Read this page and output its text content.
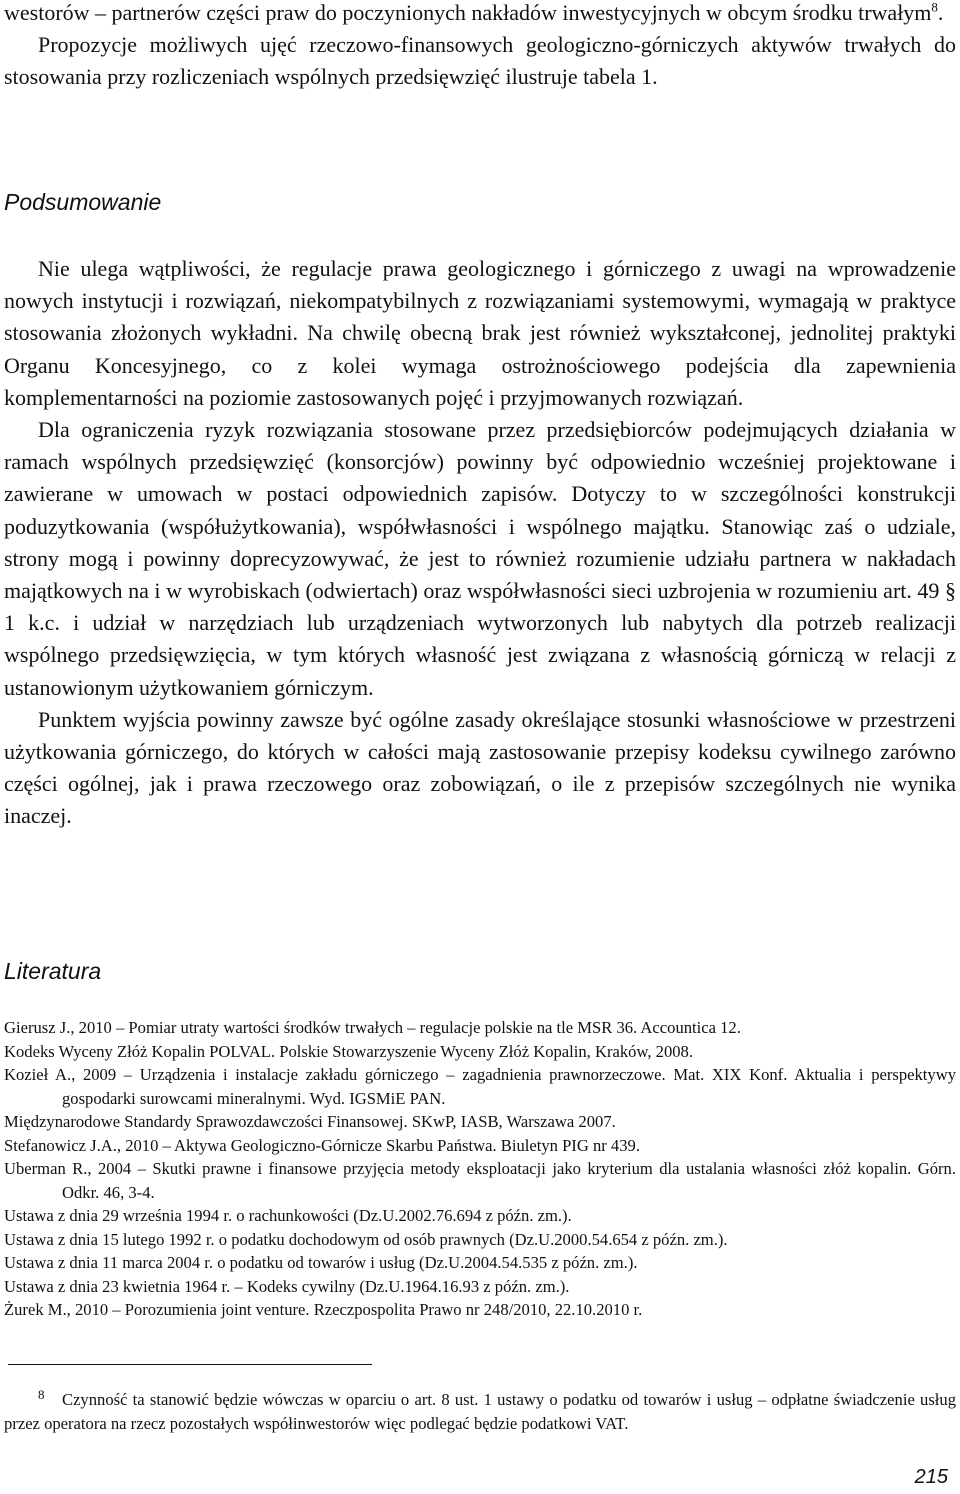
westorów – partnerów części praw do poczynionych nakładów inwestycyjnych w obcym środku trwałym$^8$.

Propozycje możliwych ujęć rzeczowo-finansowych geologiczno-górniczych aktywów trwałych do stosowania przy rozliczeniach wspólnych przedsięwzięć ilustruje tabela 1.

Podsumowanie

Nie ulega wątpliwości, że regulacje prawa geologicznego i górniczego z uwagi na wprowadzenie nowych instytucji i rozwiązań, niekompatybilnych z rozwiązaniami systemowymi, wymagają w praktyce stosowania złożonych wykładni. Na chwilę obecną brak jest również wykształconej, jednolitej praktyki Organu Koncesyjnego, co z kolei wymaga ostrożnościowego podejścia dla zapewnienia komplementarności na poziomie zastosowanych pojęć i przyjmowanych rozwiązań.

Dla ograniczenia ryzyk rozwiązania stosowane przez przedsiębiorców podejmujących działania w ramach wspólnych przedsięwzięć (konsorcjów) powinny być odpowiednio wcześniej projektowane i zawierane w umowach w postaci odpowiednich zapisów. Dotyczy to w szczególności konstrukcji poduzytkowania (współużytkowania), współwłasności i wspólnego majątku. Stanowiąc zaś o udziale, strony mogą i powinny doprecyzowywać, że jest to również rozumienie udziału partnera w nakładach majątkowych na i w wyrobiskach (odwiertach) oraz współwłasności sieci uzbrojenia w rozumieniu art. 49 § 1 k.c. i udział w narzędziach lub urządzeniach wytworzonych lub nabytych dla potrzeb realizacji wspólnego przedsięwzięcia, w tym których własność jest związana z własnością górniczą w relacji z ustanowionym użytkowaniem górniczym.

Punktem wyjścia powinny zawsze być ogólne zasady określające stosunki własnościowe w przestrzeni użytkowania górniczego, do których w całości mają zastosowanie przepisy kodeksu cywilnego zarówno części ogólnej, jak i prawa rzeczowego oraz zobowiązań, o ile z przepisów szczególnych nie wynika inaczej.

Literatura
Gierusz J., 2010 – Pomiar utraty wartości środków trwałych – regulacje polskie na tle MSR 36. Accountica 12.
Kodeks Wyceny Złóż Kopalin POLVAL. Polskie Stowarzyszenie Wyceny Złóż Kopalin, Kraków, 2008.
Kozieł A., 2009 – Urządzenia i instalacje zakładu górniczego – zagadnienia prawnorzeczowe. Mat. XIX Konf. Aktualia i perspektywy gospodarki surowcami mineralnymi. Wyd. IGSMiE PAN.
Międzynarodowe Standardy Sprawozdawczości Finansowej. SKwP, IASB, Warszawa 2007.
Stefanowicz J.A., 2010 – Aktywa Geologiczno-Górnicze Skarbu Państwa. Biuletyn PIG nr 439.
Uberman R., 2004 – Skutki prawne i finansowe przyjęcia metody eksploatacji jako kryterium dla ustalania własności złóż kopalin. Górn. Odkr. 46, 3-4.
Ustawa z dnia 29 września 1994 r. o rachunkowości (Dz.U.2002.76.694 z późn. zm.).
Ustawa z dnia 15 lutego 1992 r. o podatku dochodowym od osób prawnych (Dz.U.2000.54.654 z późn. zm.).
Ustawa z dnia 11 marca 2004 r. o podatku od towarów i usług (Dz.U.2004.54.535 z późn. zm.).
Ustawa z dnia 23 kwietnia 1964 r. – Kodeks cywilny (Dz.U.1964.16.93 z późn. zm.).
Żurek M., 2010 – Porozumienia joint venture. Rzeczpospolita Prawo nr 248/2010, 22.10.2010 r.

8 Czynność ta stanowić będzie wówczas w oparciu o art. 8 ust. 1 ustawy o podatku od towarów i usług – odpłatne świadczenie usług przez operatora na rzecz pozostałych współinwestorów więc podlegać będzie podatkowi VAT.

215
